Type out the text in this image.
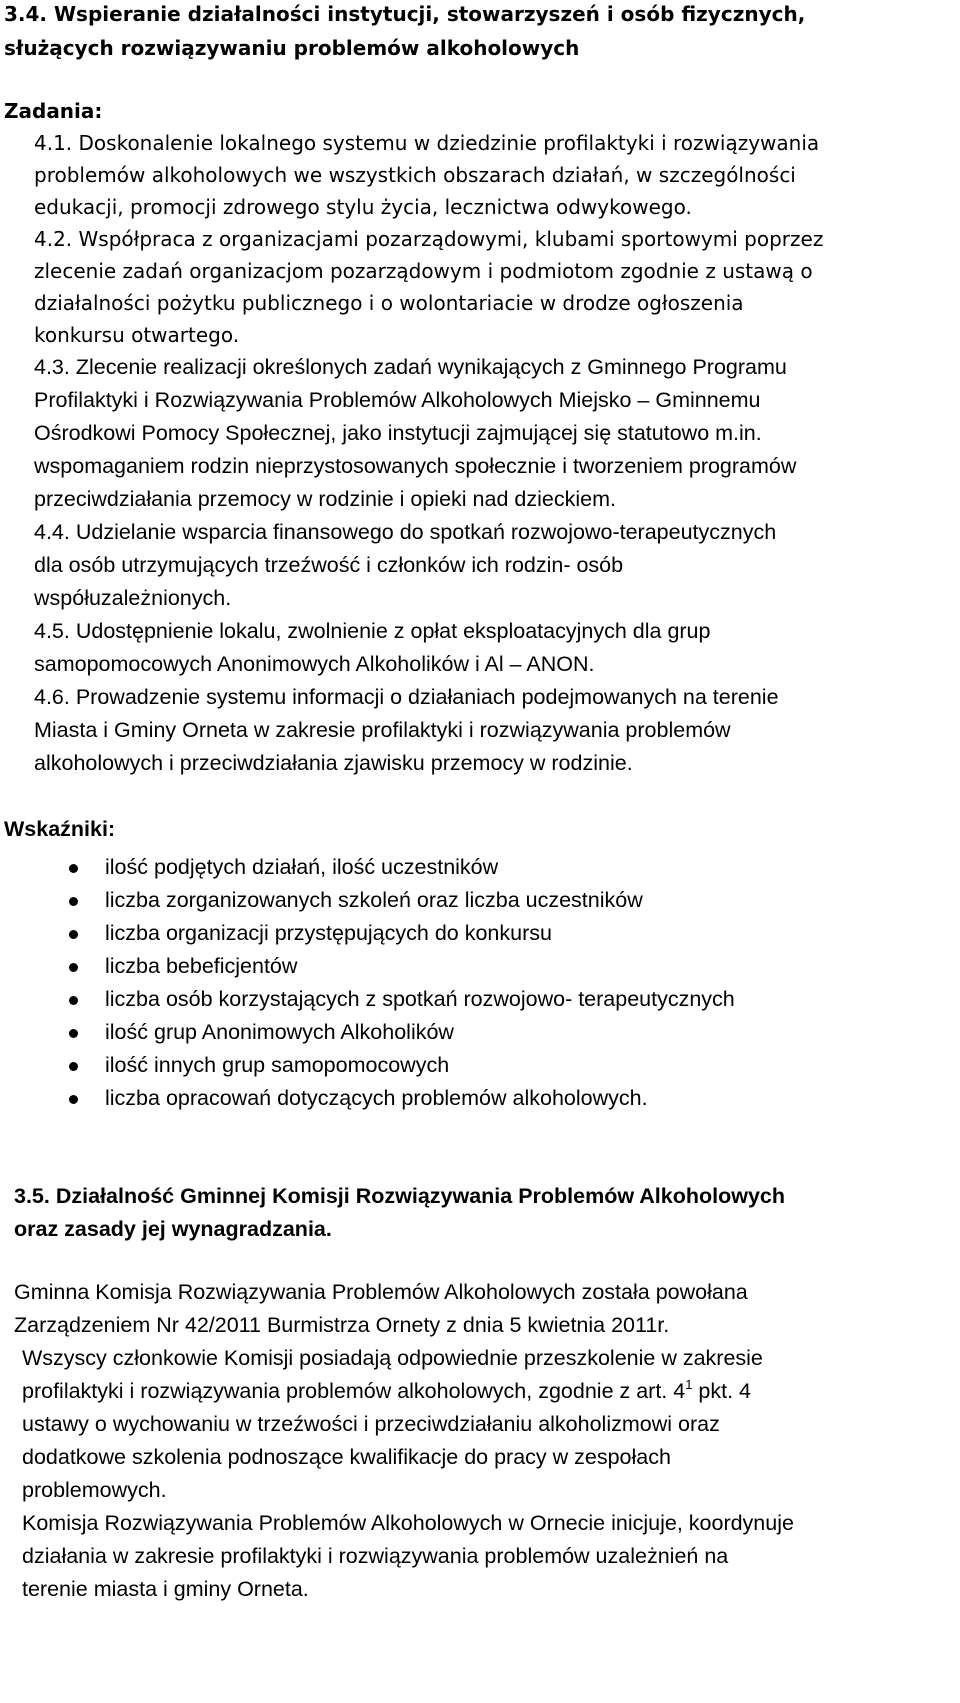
3.4. Wspieranie działalności instytucji, stowarzyszeń i osób fizycznych,
służących rozwiązywaniu problemów alkoholowych
Zadania:
4.1. Doskonalenie lokalnego systemu w dziedzinie profilaktyki i rozwiązywania
problemów alkoholowych we wszystkich obszarach działań, w szczególności
edukacji, promocji zdrowego stylu życia, lecznictwa odwykowego.
4.2. Współpraca z organizacjami pozarządowymi, klubami sportowymi poprzez
zlecenie zadań organizacjom pozarządowym i podmiotom zgodnie z ustawą o
działalności pożytku publicznego i o wolontariacie w drodze ogłoszenia
konkursu otwartego.
4.3. Zlecenie realizacji określonych zadań wynikających z Gminnego Programu
Profilaktyki i Rozwiązywania Problemów Alkoholowych Miejsko – Gminnemu
Ośrodkowi Pomocy Społecznej, jako instytucji zajmującej się statutowo m.in.
wspomaganiem rodzin nieprzystosowanych społecznie i tworzeniem programów
przeciwdziałania przemocy w rodzinie i opieki nad dzieckiem.
4.4. Udzielanie wsparcia finansowego do spotkań rozwojowo-terapeutycznych
dla osób utrzymujących trzeźwość i członków ich rodzin- osób
współuzależnionych.
4.5. Udostępnienie lokalu, zwolnienie z opłat eksploatacyjnych dla grup
samopomocowych Anonimowych Alkoholików i Al – ANON.
4.6. Prowadzenie systemu informacji o działaniach podejmowanych na terenie
Miasta i Gminy Orneta w zakresie profilaktyki i rozwiązywania problemów
alkoholowych i przeciwdziałania zjawisku przemocy w rodzinie.
Wskaźniki:
ilość podjętych działań, ilość uczestników
liczba zorganizowanych szkoleń oraz liczba uczestników
liczba organizacji przystępujących do konkursu
liczba bebeficjentów
liczba osób korzystających z spotkań rozwojowo- terapeutycznych
ilość grup Anonimowych Alkoholików
ilość innych grup samopomocowych
liczba opracowań dotyczących problemów alkoholowych.
3.5. Działalność Gminnej Komisji Rozwiązywania Problemów Alkoholowych
oraz zasady jej wynagradzania.
Gminna Komisja Rozwiązywania Problemów Alkoholowych została powołana
Zarządzeniem Nr 42/2011 Burmistrza Ornety z dnia 5 kwietnia 2011r.
Wszyscy członkowie Komisji posiadają odpowiednie przeszkolenie w zakresie
profilaktyki i rozwiązywania problemów alkoholowych, zgodnie z art. $4^1$ pkt. 4
ustawy o wychowaniu w trzeźwości i przeciwdziałaniu alkoholizmowi oraz
dodatkowe szkolenia podnoszące kwalifikacje do pracy w zespołach
problemowych.
Komisja Rozwiązywania Problemów Alkoholowych w Ornecie inicjuje, koordynuje
działania w zakresie profilaktyki i rozwiązywania problemów uzależnień na
terenie miasta i gminy Orneta.
